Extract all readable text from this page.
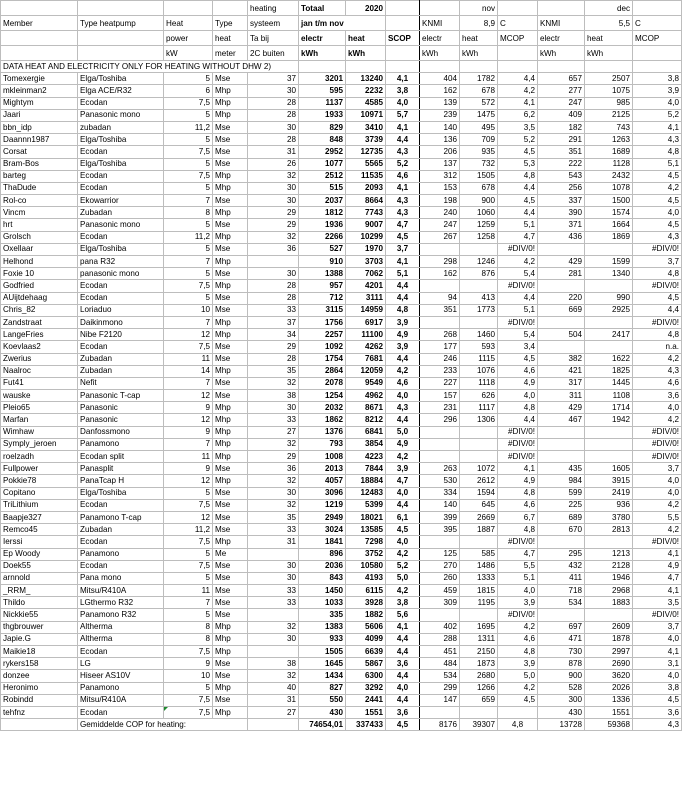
				heating	Totaal	2020			nov			dec	
Member	Type heatpump	Heat	Type	systeem	jan t/m nov			KNMI	8,9	C	KNMI	5,5	C
		power	heat	Ta bij	electr	heat	SCOP	electr	heat	MCOP	electr	heat	MCOP
		kW	meter	2C buiten	kWh	kWh		kWh	kWh		kWh	kWh	
DATA HEAT AND ELECTRICITY ONLY FOR HEATING WITHOUT DHW 2)													
Tomexergie	Elga/Toshiba	5	Mse	37	3201	13240	4,1	404	1782	4,4	657	2507	3,8
mkleinman2	Elga ACE/R32	6	Mhp	30	595	2232	3,8	162	678	4,2	277	1075	3,9
Mightym	Ecodan	7,5	Mhp	28	1137	4585	4,0	139	572	4,1	247	985	4,0
Jaari	Panasonic mono	5	Mhp	28	1933	10971	5,7	239	1475	6,2	409	2125	5,2
bbn_idp	zubadan	11,2	Mse	30	829	3410	4,1	140	495	3,5	182	743	4,1
Daannn1987	Elga/Toshiba	5	Mse	28	848	3739	4,4	136	709	5,2	291	1263	4,3
Corsat	Ecodan	7,5	Mse	31	2952	12735	4,3	206	935	4,5	351	1689	4,8
Bram-Bos	Elga/Toshiba	5	Mse	26	1077	5565	5,2	137	732	5,3	222	1128	5,1
barteg	Ecodan	7,5	Mhp	32	2512	11535	4,6	312	1505	4,8	543	2432	4,5
ThaDude	Ecodan	5	Mhp	30	515	2093	4,1	153	678	4,4	256	1078	4,2
Rol-co	Ekowarrior	7	Mse	30	2037	8664	4,3	198	900	4,5	337	1500	4,5
Vincm	Zubadan	8	Mhp	29	1812	7743	4,3	240	1060	4,4	390	1574	4,0
hrt	Panasonic mono	5	Mse	29	1936	9007	4,7	247	1259	5,1	371	1664	4,5
Grolsch	Ecodan	11,2	Mhp	32	2266	10299	4,5	267	1258	4,7	436	1869	4,3
Oxellaar	Elga/Toshiba	5	Mse	36	527	1970	3,7			#DIV/0!			#DIV/0!
Helhond	pana R32	7	Mhp		910	3703	4,1	298	1246	4,2	429	1599	3,7
Foxie 10	panasonic mono	5	Mse	30	1388	7062	5,1	162	876	5,4	281	1340	4,8
Godfried	Ecodan	7,5	Mhp	28	957	4201	4,4			#DIV/0!			#DIV/0!
AUijtdehaag	Ecodan	5	Mse	28	712	3111	4,4	94	413	4,4	220	990	4,5
Chris_82	Loriaduo	10	Mse	33	3115	14959	4,8	351	1773	5,1	669	2925	4,4
Zandstraat	Daikinmono	7	Mhp	37	1756	6917	3,9			#DIV/0!			#DIV/0!
LangeFries	Nibe F2120	12	Mhp	34	2257	11100	4,9	268	1460	5,4	504	2417	4,8
Koevlaas2	Ecodan	7,5	Mse	29	1092	4262	3,9	177	593	3,4			n.a.
Zwerius	Zubadan	11	Mse	28	1754	7681	4,4	246	1115	4,5	382	1622	4,2
Naalroc	Zubadan	14	Mhp	35	2864	12059	4,2	233	1076	4,6	421	1825	4,3
Fut41	Nefit	7	Mse	32	2078	9549	4,6	227	1118	4,9	317	1445	4,6
wauske	Panasonic T-cap	12	Mse	38	1254	4962	4,0	157	626	4,0	311	1108	3,6
Pleio65	Panasonic	9	Mhp	30	2032	8671	4,3	231	1117	4,8	429	1714	4,0
Marfan	Panasonic	12	Mhp	33	1862	8212	4,4	296	1306	4,4	467	1942	4,2
Wimhaw	Danfossmono	9	Mhp	27	1376	6841	5,0			#DIV/0!			#DIV/0!
Symply_jeroen	Panamono	7	Mhp	32	793	3854	4,9			#DIV/0!			#DIV/0!
roelzadh	Ecodan split	11	Mhp	29	1008	4223	4,2			#DIV/0!			#DIV/0!
Fullpower	Panasplit	9	Mse	36	2013	7844	3,9	263	1072	4,1	435	1605	3,7
Pokkie78	PanaTcap H	12	Mhp	32	4057	18884	4,7	530	2612	4,9	984	3915	4,0
Copitano	Elga/Toshiba	5	Mse	30	3096	12483	4,0	334	1594	4,8	599	2419	4,0
TriLithium	Ecodan	7,5	Mse	32	1219	5399	4,4	140	645	4,6	225	936	4,2
Baapje327	Panamono T-cap	12	Mse	35	2949	18021	6,1	399	2669	6,7	689	3780	5,5
Remco45	Zubadan	11,2	Mse	33	3024	13585	4,5	395	1887	4,8	670	2813	4,2
Ierssi	Ecodan	7,5	Mhp	31	1841	7298	4,0			#DIV/0!			#DIV/0!
Ep Woody	Panamono	5	Me		896	3752	4,2	125	585	4,7	295	1213	4,1
Doek55	Ecodan	7,5	Mse	30	2036	10580	5,2	270	1486	5,5	432	2128	4,9
arnnold	Pana mono	5	Mse	30	843	4193	5,0	260	1333	5,1	411	1946	4,7
_RRM_	Mitsu/R410A	11	Mse	33	1450	6115	4,2	459	1815	4,0	718	2968	4,1
Thildo	LGthermo R32	7	Mse	33	1033	3928	3,8	309	1195	3,9	534	1883	3,5
Nickkie55	Panamono R32	5	Mse		335	1882	5,6			#DIV/0!			#DIV/0!
thgbrouwer	Altherma	8	Mhp	32	1383	5606	4,1	402	1695	4,2	697	2609	3,7
Japie.G	Altherma	8	Mhp	30	933	4099	4,4	288	1311	4,6	471	1878	4,0
Maikie18	Ecodan	7,5	Mhp		1505	6639	4,4	451	2150	4,8	730	2997	4,1
rykers158	LG	9	Mse	38	1645	5867	3,6	484	1873	3,9	878	2690	3,1
donzee	Hiseer AS10V	10	Mse	32	1434	6300	4,4	534	2680	5,0	900	3620	4,0
Heronimo	Panamono	5	Mhp	40	827	3292	4,0	299	1266	4,2	528	2026	3,8
Robindd	Mitsu/R410A	7,5	Mse	31	550	2441	4,4	147	659	4,5	300	1336	4,5
tehfnz	Ecodan	7,5	Mhp	27	430	1551	3,6				430	1551	3,6
	Gemiddelde COP for heating:				74654,01	337433	4,5	8176	39307	4,8	13728	59368	4,3
